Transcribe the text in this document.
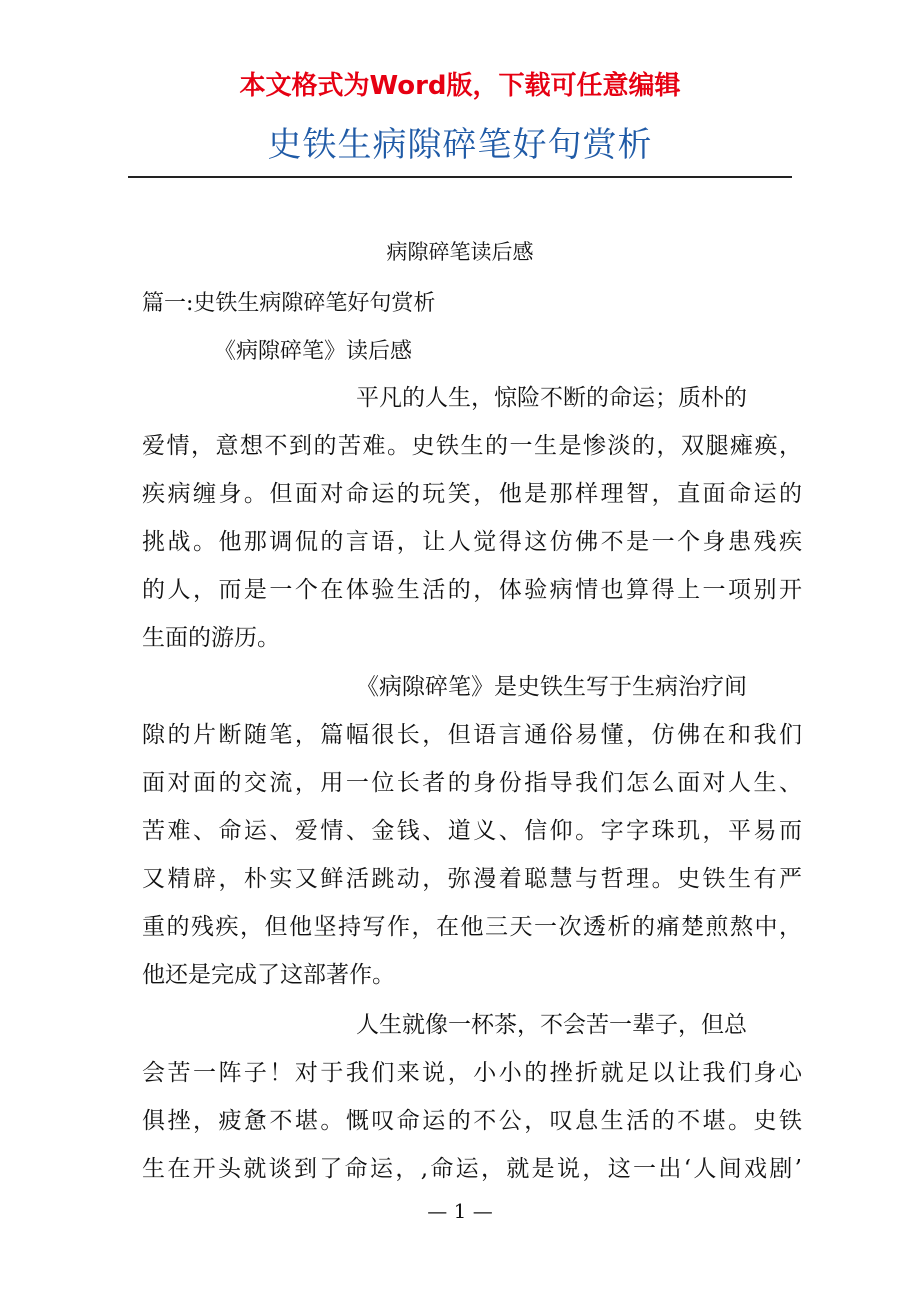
本文格式为Word版，下载可任意编辑
史铁生病隙碎笔好句赏析
病隙碎笔读后感
篇一:史铁生病隙碎笔好句赏析
《病隙碎笔》读后感
平凡的人生，惊险不断的命运；质朴的
爱情，意想不到的苦难。史铁生的一生是惨淡的，双腿瘫痪，
疾病缠身。但面对命运的玩笑，他是那样理智，直面命运的
挑战。他那调侃的言语，让人觉得这仿佛不是一个身患残疾
的人，而是一个在体验生活的，体验病情也算得上一项别开
生面的游历。
《病隙碎笔》是史铁生写于生病治疗间
隙的片断随笔，篇幅很长，但语言通俗易懂，仿佛在和我们
面对面的交流，用一位长者的身份指导我们怎么面对人生、
苦难、命运、爱情、金钱、道义、信仰。字字珠玑，平易而
又精辟，朴实又鲜活跳动，弥漫着聪慧与哲理。史铁生有严
重的残疾，但他坚持写作，在他三天一次透析的痛楚煎熬中，
他还是完成了这部著作。
人生就像一杯茶，不会苦一辈子，但总
会苦一阵子！对于我们来说，小小的挫折就足以让我们身心
俱挫，疲惫不堪。慨叹命运的不公，叹息生活的不堪。史铁
生在开头就谈到了命运，,命运，就是说，这一出‘人间戏剧’
— 1 —
